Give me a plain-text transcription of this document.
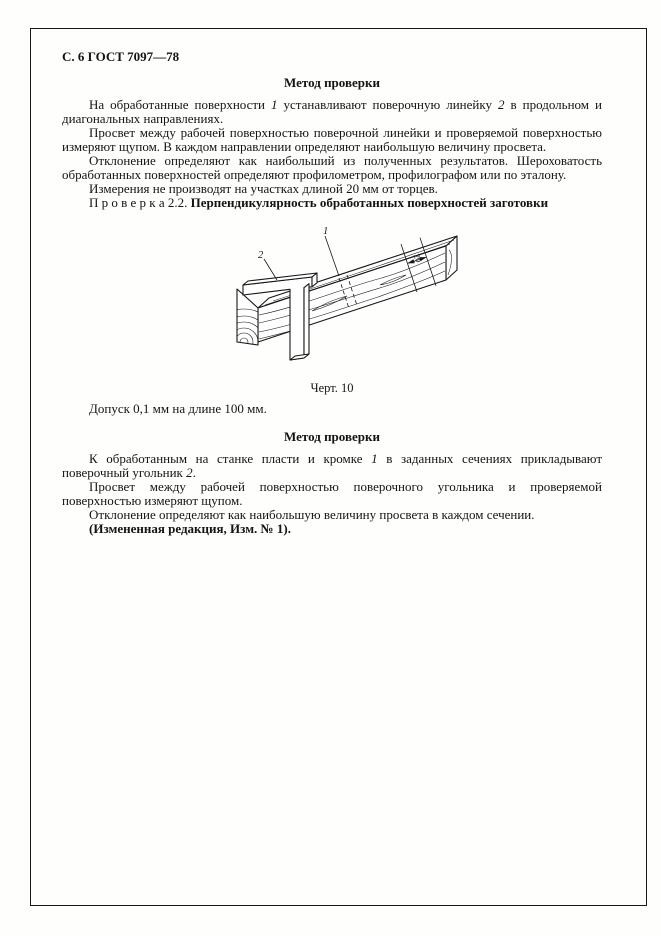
С. 6 ГОСТ 7097—78
Метод проверки

На обработанные поверхности 1 устанавливают поверочную линейку 2 в продольном и диагональных направлениях.

Просвет между рабочей поверхностью поверочной линейки и проверяемой поверхностью измеряют щупом. В каждом направлении определяют наибольшую величину просвета.

Отклонение определяют как наибольший из полученных результатов. Шероховатость обработанных поверхностей определяют профилометром, профилографом или по эталону.

Измерения не производят на участках длиной 20 мм от торцев.

П р о в е р к а 2.2. Перпендикулярность обработанных поверхностей заготовки

20
1
2
Черт. 10

Допуск 0,1 мм на длине 100 мм.

Метод проверки

К обработанным на станке пласти и кромке 1 в заданных сечениях прикладывают поверочный угольник 2.

Просвет между рабочей поверхностью поверочного угольника и проверяемой поверхностью измеряют щупом.

Отклонение определяют как наибольшую величину просвета в каждом сечении.

(Измененная редакция, Изм. № 1).
